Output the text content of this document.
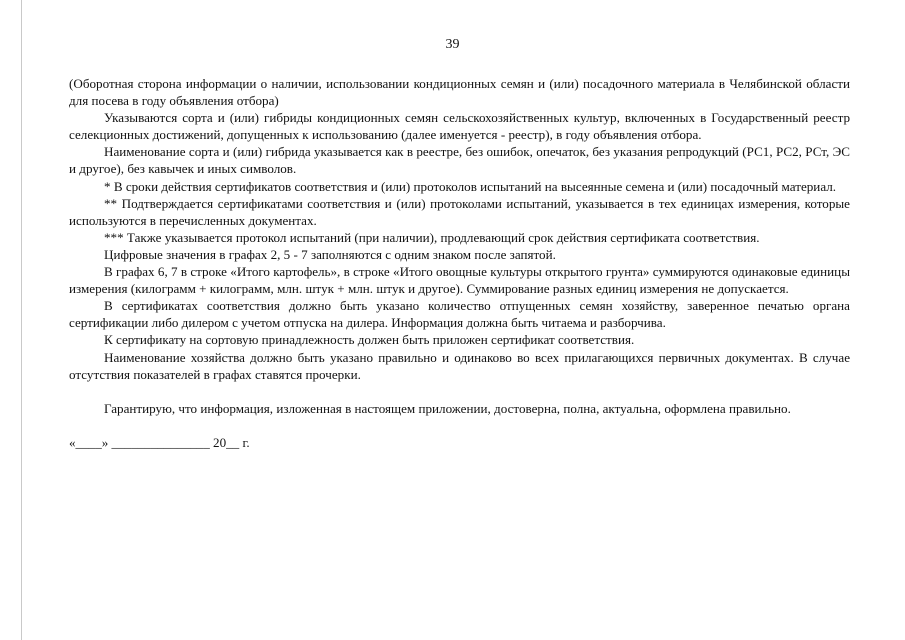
39

(Оборотная сторона информации о наличии, использовании кондиционных семян и (или) посадочного материала в Челябинской области для посева в году объявления отбора)

Указываются сорта и (или) гибриды кондиционных семян сельскохозяйственных культур, включенных в Государственный реестр селекционных достижений, допущенных к использованию (далее именуется - реестр), в году объявления отбора.

Наименование сорта и (или) гибрида указывается как в реестре, без ошибок, опечаток, без указания репродукций (РС1, РС2, РСт, ЭС и другое), без кавычек и иных символов.

* В сроки действия сертификатов соответствия и (или) протоколов испытаний на высеянные семена и (или) посадочный материал.

** Подтверждается сертификатами соответствия и (или) протоколами испытаний, указывается в тех единицах измерения, которые используются в перечисленных документах.

*** Также указывается протокол испытаний (при наличии), продлевающий срок действия сертификата соответствия.

Цифровые значения в графах 2, 5 - 7 заполняются с одним знаком после запятой.

В графах 6, 7 в строке «Итого картофель», в строке «Итого овощные культуры открытого грунта» суммируются одинаковые единицы измерения (килограмм + килограмм, млн. штук + млн. штук и другое). Суммирование разных единиц измерения не допускается.

В сертификатах соответствия должно быть указано количество отпущенных семян хозяйству, заверенное печатью органа сертификации либо дилером с учетом отпуска на дилера. Информация должна быть читаема и разборчива.

К сертификату на сортовую принадлежность должен быть приложен сертификат соответствия.

Наименование хозяйства должно быть указано правильно и одинаково во всех прилагающихся первичных документах. В случае отсутствия показателей в графах ставятся прочерки.

Гарантирую, что информация, изложенная в настоящем приложении, достоверна, полна, актуальна, оформлена правильно.

«____» _______________ 20__ г.
